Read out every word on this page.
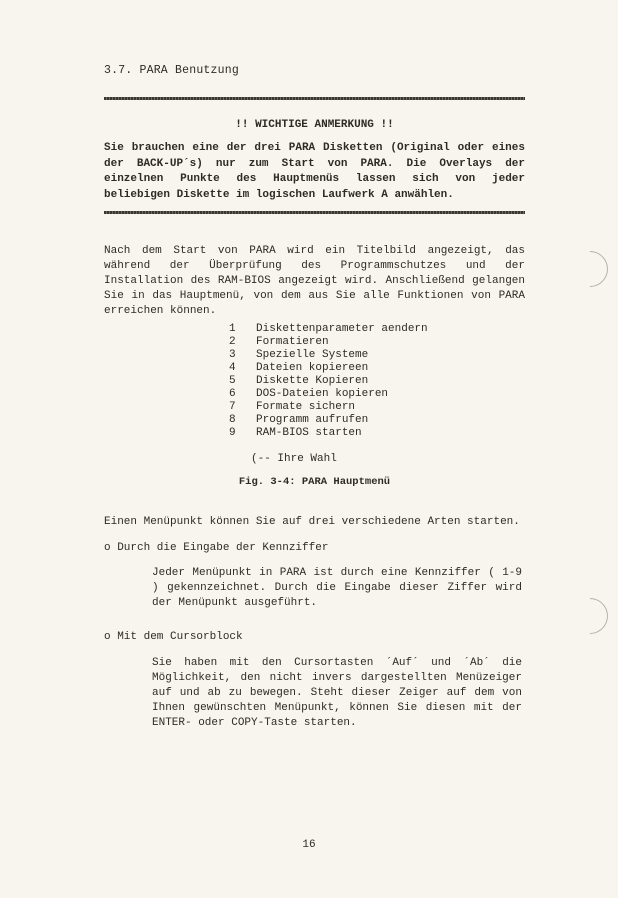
3.7. PARA Benutzung
!! WICHTIGE ANMERKUNG !!
Sie brauchen eine der drei PARA Disketten (Original oder eines der BACK-UP´s) nur zum Start von PARA. Die Overlays der einzelnen Punkte des Hauptmenüs lassen sich von jeder beliebigen Diskette im logischen Laufwerk A anwählen.
Nach dem Start von PARA wird ein Titelbild angezeigt, das während der Überprüfung des Programmschutzes und der Installation des RAM-BIOS angezeigt wird. Anschließend gelangen Sie in das Hauptmenü, von dem aus Sie alle Funktionen von PARA erreichen können.
1	Diskettenparameter aendern
2	Formatieren
3	Spezielle Systeme
4	Dateien kopiereen
5	Diskette Kopieren
6	DOS-Dateien kopieren
7	Formate sichern
8	Programm aufrufen
9	RAM-BIOS starten
(-- Ihre Wahl
Fig. 3-4: PARA Hauptmenü
Einen Menüpunkt können Sie auf drei verschiedene Arten starten.
o Durch die Eingabe der Kennziffer
Jeder Menüpunkt in PARA ist durch eine Kennziffer ( 1-9 ) gekennzeichnet. Durch die Eingabe dieser Ziffer wird der Menüpunkt ausgeführt.
o Mit dem Cursorblock
Sie haben mit den Cursortasten ´Auf´ und ´Ab´ die Möglichkeit, den nicht invers dargestellten Menüzeiger auf und ab zu bewegen. Steht dieser Zeiger auf dem von Ihnen gewünschten Menüpunkt, können Sie diesen mit der ENTER- oder COPY-Taste starten.
16
